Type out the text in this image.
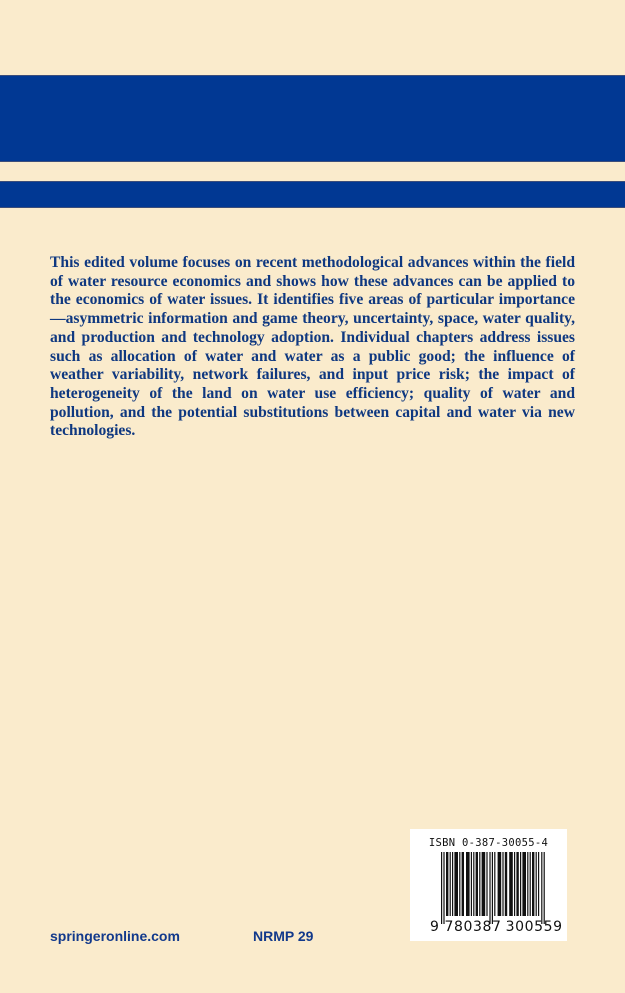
This edited volume focuses on recent methodological advances within the field of water resource economics and shows how these advances can be applied to the economics of water issues. It identifies five areas of particular importance—asymmetric information and game theory, uncertainty, space, water quality, and production and technology adoption. Individual chapters address issues such as allocation of water and water as a public good; the influence of weather variability, network failures, and input price risk; the impact of heterogeneity of the land on water use efficiency; quality of water and pollution, and the potential substitutions between capital and water via new technologies.

springeronline.com	NRMP 29
ISBN 0-387-30055-4
9 780387 300559
